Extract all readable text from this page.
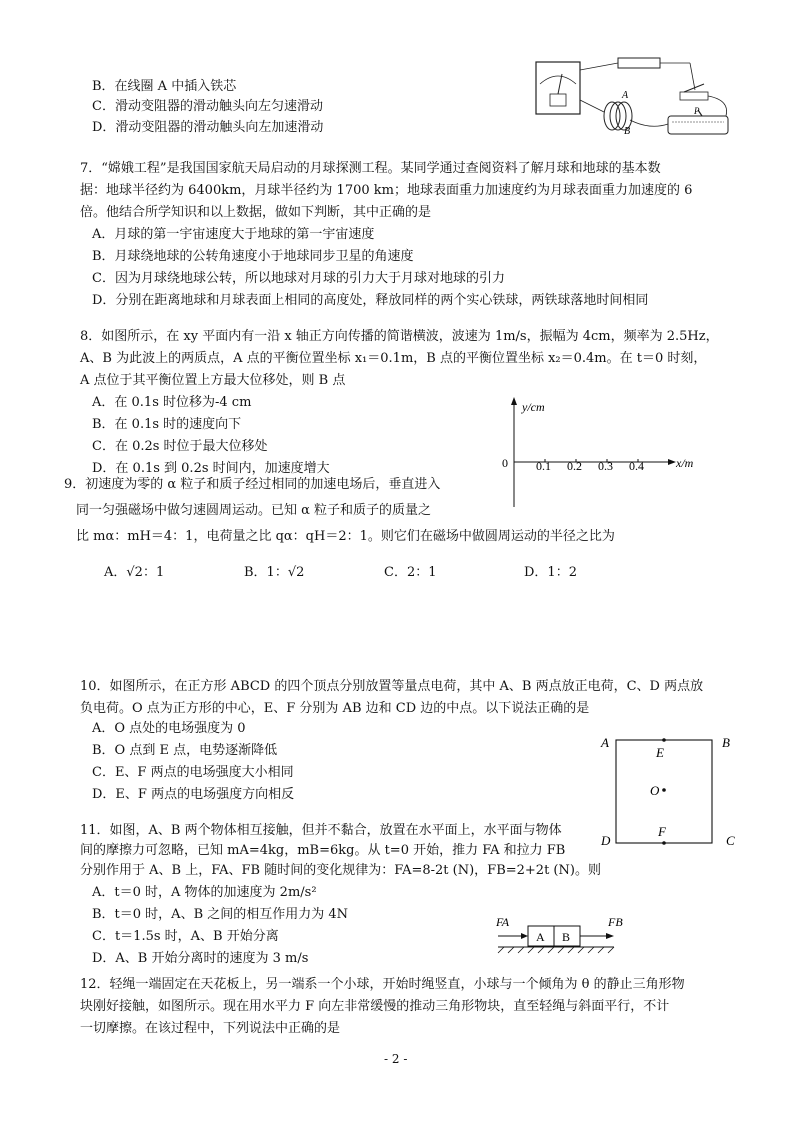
B．在线圈 A 中插入铁芯
C．滑动变阻器的滑动触头向左匀速滑动
D．滑动变阻器的滑动触头向左加速滑动
A
B
P
7．“嫦娥工程”是我国国家航天局启动的月球探测工程。某同学通过查阅资料了解月球和地球的基本数
据：地球半径约为 6400km，月球半径约为 1700 km；地球表面重力加速度约为月球表面重力加速度的 6
倍。他结合所学知识和以上数据，做如下判断，其中正确的是
A．月球的第一宇宙速度大于地球的第一宇宙速度
B．月球绕地球的公转角速度小于地球同步卫星的角速度
C．因为月球绕地球公转，所以地球对月球的引力大于月球对地球的引力
D．分别在距离地球和月球表面上相同的高度处，释放同样的两个实心铁球，两铁球落地时间相同
8．如图所示，在 xy 平面内有一沿 x 轴正方向传播的简谐横波，波速为 1m/s，振幅为 4cm，频率为 2.5Hz，
A、B 为此波上的两质点，A 点的平衡位置坐标 x₁＝0.1m，B 点的平衡位置坐标 x₂＝0.4m。在 t＝0 时刻，
A 点位于其平衡位置上方最大位移处，则 B 点
A．在 0.1s 时位移为-4 cm
B．在 0.1s 时的速度向下
C．在 0.2s 时位于最大位移处
D．在 0.1s 到 0.2s 时间内，加速度增大
y/cm
x/m
0 0.1 0.2 0.3 0.4
9．初速度为零的 α 粒子和质子经过相同的加速电场后，垂直进入
同一匀强磁场中做匀速圆周运动。已知 α 粒子和质子的质量之
比 mα：mH＝4：1，电荷量之比 qα：qH＝2：1。则它们在磁场中做圆周运动的半径之比为
A．√2：1	B．1：√2	C．2：1	D．1：2
10．如图所示，在正方形 ABCD 的四个顶点分别放置等量点电荷，其中 A、B 两点放正电荷，C、D 两点放
负电荷。O 点为正方形的中心，E、F 分别为 AB 边和 CD 边的中点。以下说法正确的是
A．O 点处的电场强度为 0
B．O 点到 E 点，电势逐渐降低
C．E、F 两点的电场强度大小相同
D．E、F 两点的电场强度方向相反
A	B
C
D
E
O
F
11．如图，A、B 两个物体相互接触，但并不黏合，放置在水平面上，水平面与物体
间的摩擦力可忽略，已知 mA=4kg，mB=6kg。从 t=0 开始，推力 FA 和拉力 FB
分别作用于 A、B 上，FA、FB 随时间的变化规律为：FA=8-2t (N)，FB=2+2t (N)。则
A．t＝0 时，A 物体的加速度为 2m/s²
B．t＝0 时，A、B 之间的相互作用力为 4N
C．t＝1.5s 时，A、B 开始分离
D．A、B 开始分离时的速度为 3 m/s
FA	FB
A B
12．轻绳一端固定在天花板上，另一端系一个小球，开始时绳竖直，小球与一个倾角为 θ 的静止三角形物
块刚好接触，如图所示。现在用水平力 F 向左非常缓慢的推动三角形物块，直至轻绳与斜面平行，不计
一切摩擦。在该过程中，下列说法中正确的是
- 2 -
